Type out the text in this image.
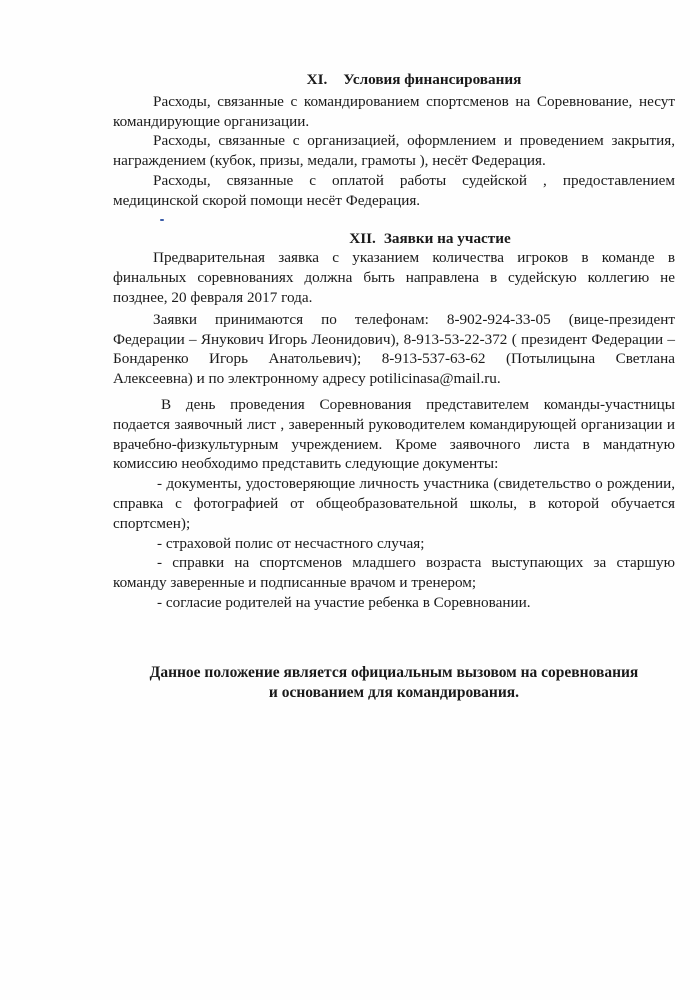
XI. Условия финансирования

Расходы, связанные с командированием спортсменов на Соревнование, несут командирующие организации.

Расходы, связанные с организацией, оформлением и проведением закрытия, награждением (кубок, призы, медали, грамоты ), несёт Федерация.

Расходы, связанные с оплатой работы судейской , предоставлением медицинской скорой помощи несёт Федерация.

XII. Заявки на участие

Предварительная заявка с указанием количества игроков в команде в финальных соревнованиях должна быть направлена в судейскую коллегию не позднее, 20 февраля 2017 года.

Заявки принимаются по телефонам: 8-902-924-33-05 (вице-президент Федерации – Янукович Игорь Леонидович), 8-913-53-22-372 ( президент Федерации – Бондаренко Игорь Анатольевич); 8-913-537-63-62 (Потылицына Светлана Алексеевна) и по электронному адресу potilicinasa@mail.ru.

В день проведения Соревнования представителем команды-участницы подается заявочный лист , заверенный руководителем командирующей организации и врачебно-физкультурным учреждением. Кроме заявочного листа в мандатную комиссию необходимо представить следующие документы:

- документы, удостоверяющие личность участника (свидетельство о рождении, справка с фотографией от общеобразовательной школы, в которой обучается спортсмен);

- страховой полис от несчастного случая;

- справки на спортсменов младшего возраста выступающих за старшую команду заверенные и подписанные врачом и тренером;

- согласие родителей на участие ребенка в Соревновании.

Данное положение является официальным вызовом на соревнования
и основанием для командирования.
